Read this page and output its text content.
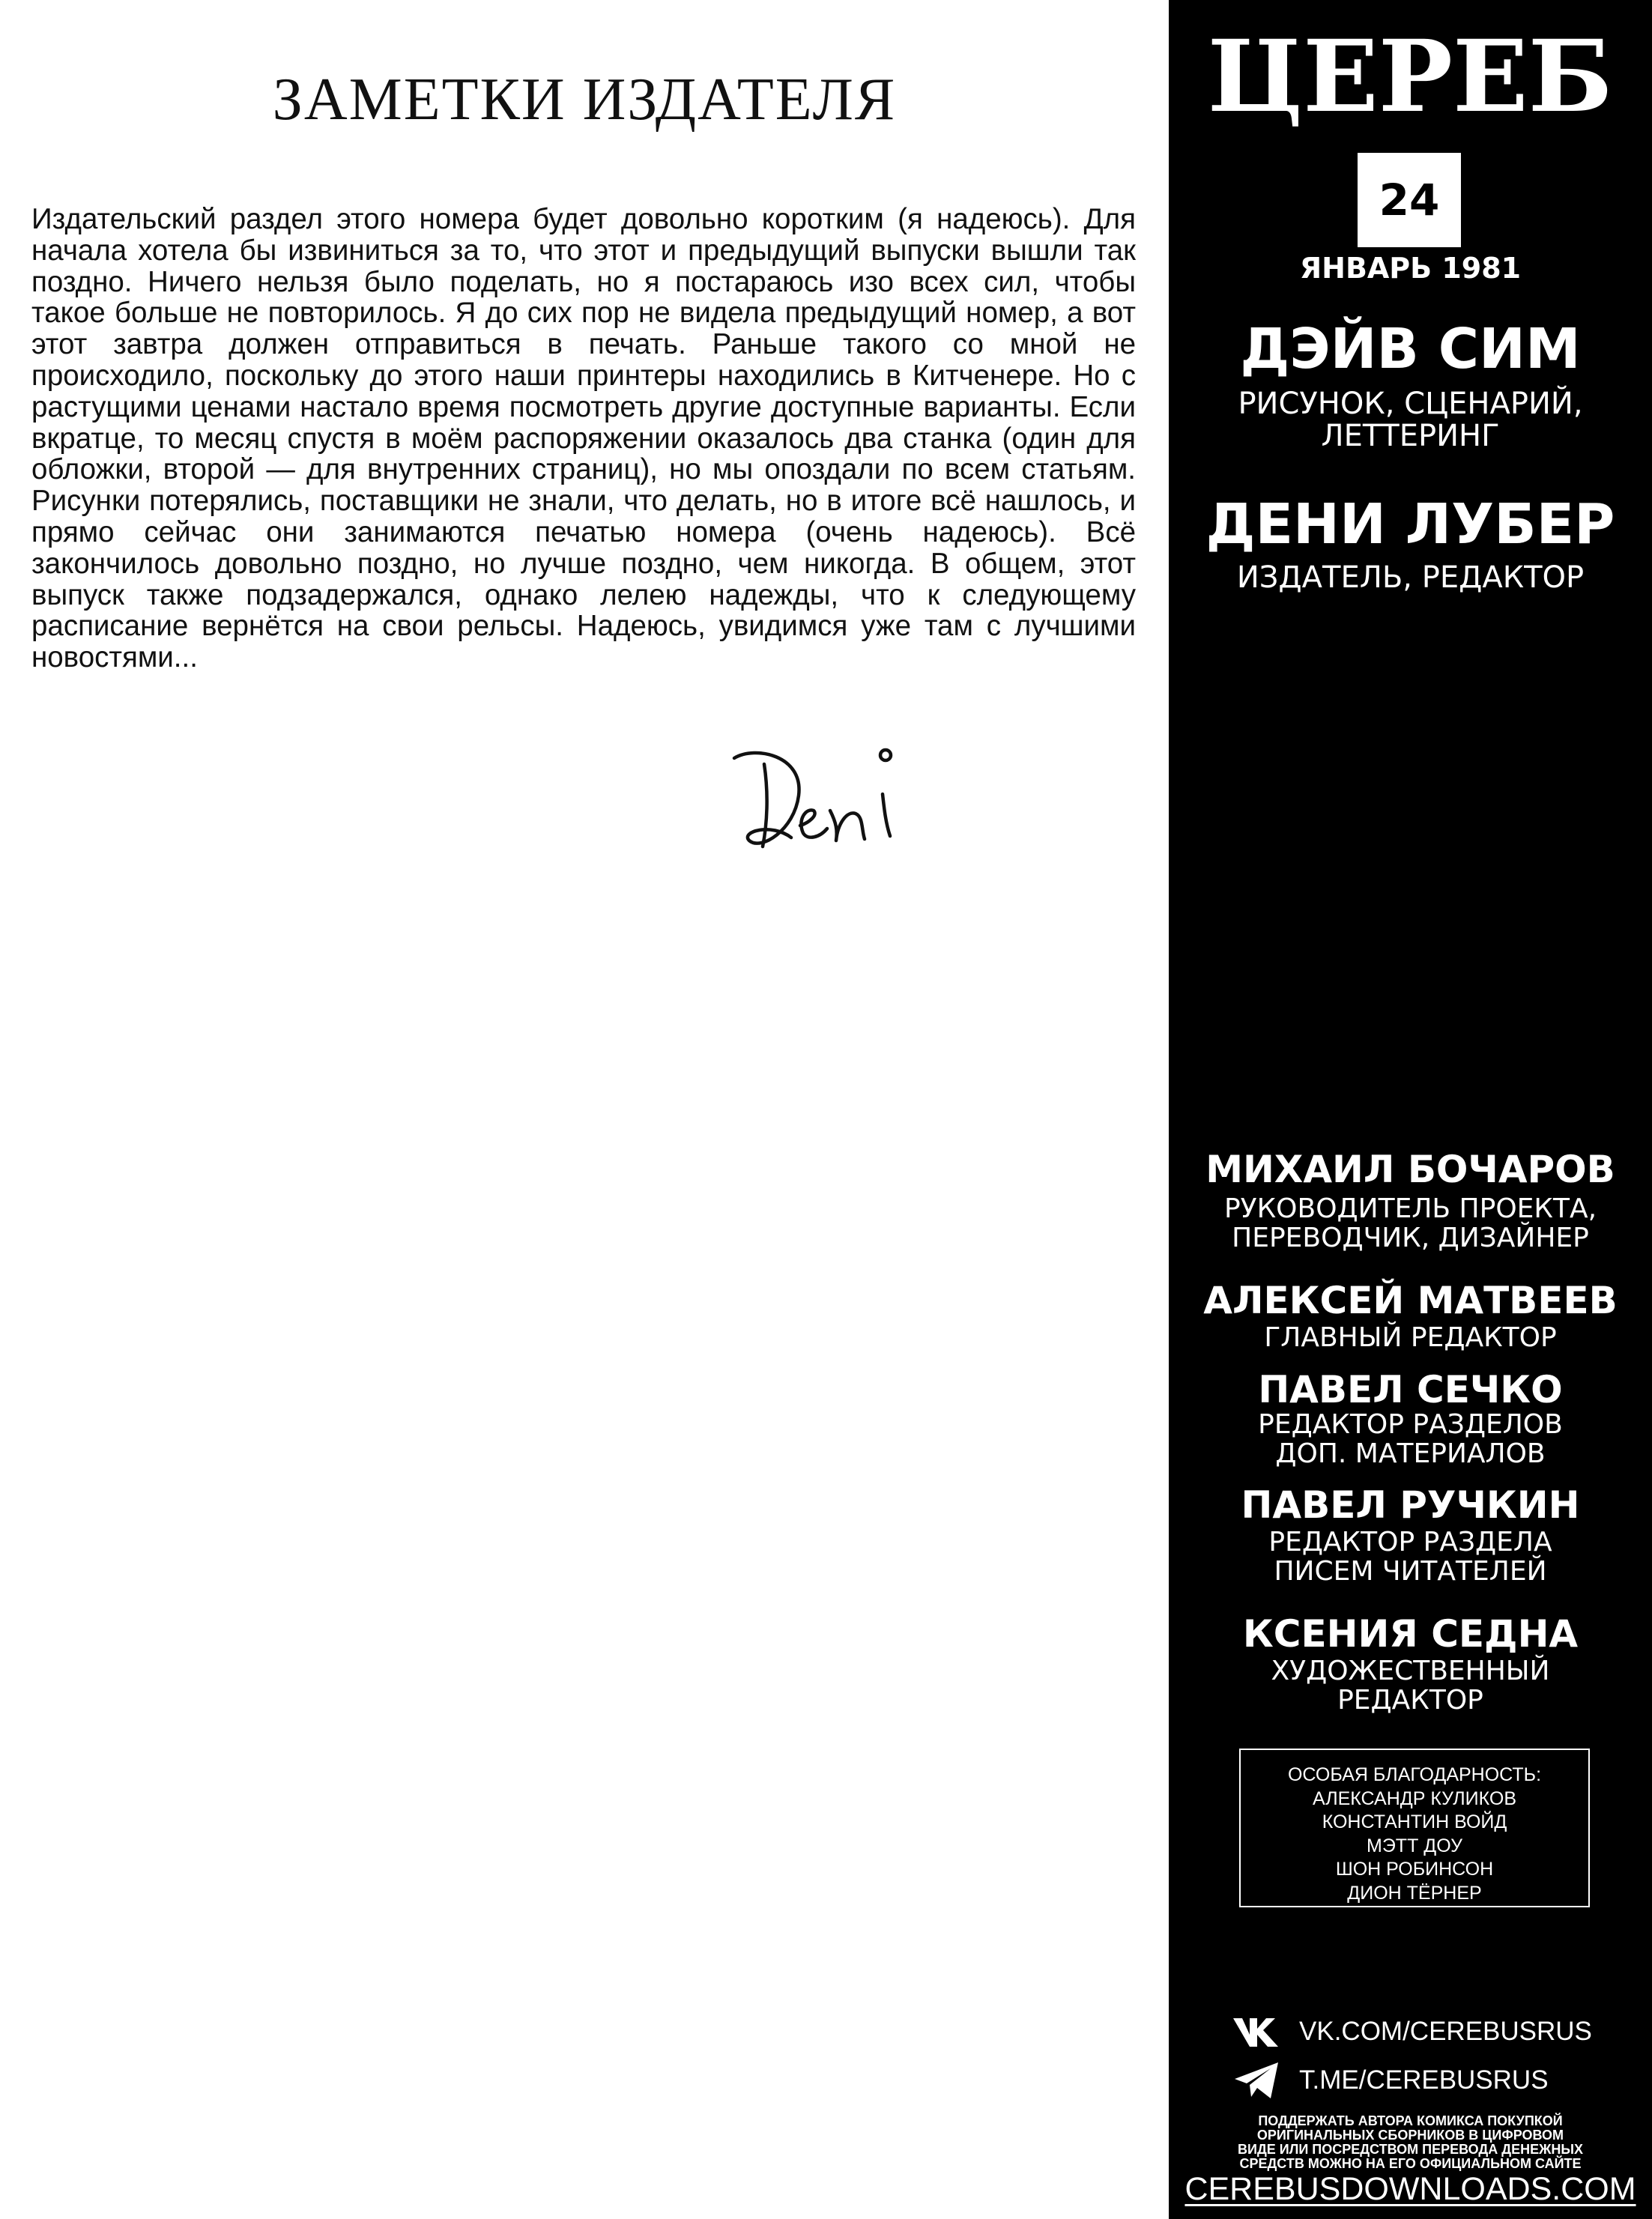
ЗАМЕТКИ ИЗДАТЕЛЯ

Издательский раздел этого номера будет довольно коротким (я надеюсь). Для начала хотела бы извиниться за то, что этот и предыдущий выпуски вышли так поздно. Ничего нельзя было поделать, но я постараюсь изо всех сил, чтобы такое больше не повторилось. Я до сих пор не видела предыдущий номер, а вот этот завтра должен отправиться в печать. Раньше такого со мной не происходило, поскольку до этого наши принтеры находились в Китченере. Но с растущими ценами настало время посмотреть другие доступные варианты. Если вкратце, то месяц спустя в моём распоряжении оказалось два станка (один для обложки, второй — для внутренних страниц), но мы опоздали по всем статьям. Рисунки потерялись, поставщики не знали, что делать, но в итоге всё нашлось, и прямо сейчас они занимаются печатью номера (очень надеюсь). Всё закончилось довольно поздно, но лучше поздно, чем никогда. В общем, этот выпуск также подзадержался, однако лелею надежды, что к следующему расписание вернётся на свои рельсы. Надеюсь, увидимся уже там с лучшими новостями...

ЦЕРЕБ
24
ЯНВАРЬ 1981
ДЭЙВ СИМ
РИСУНОК, СЦЕНАРИЙ,
ЛЕТТЕРИНГ
ДЕНИ ЛУБЕР
ИЗДАТЕЛЬ, РЕДАКТОР
МИХАИЛ БОЧАРОВ
РУКОВОДИТЕЛЬ ПРОЕКТА,
ПЕРЕВОДЧИК, ДИЗАЙНЕР
АЛЕКСЕЙ МАТВЕЕВ
ГЛАВНЫЙ РЕДАКТОР
ПАВЕЛ СЕЧКО
РЕДАКТОР РАЗДЕЛОВ
ДОП. МАТЕРИАЛОВ
ПАВЕЛ РУЧКИН
РЕДАКТОР РАЗДЕЛА
ПИСЕМ ЧИТАТЕЛЕЙ
КСЕНИЯ СЕДНА
ХУДОЖЕСТВЕННЫЙ
РЕДАКТОР
ОСОБАЯ БЛАГОДАРНОСТЬ:
АЛЕКСАНДР КУЛИКОВ
КОНСТАНТИН ВОЙД
МЭТТ ДОУ
ШОН РОБИНСОН
ДИОН ТЁРНЕР
VK.COM/CEREBUSRUS
T.ME/CEREBUSRUS
ПОДДЕРЖАТЬ АВТОРА КОМИКСА ПОКУПКОЙ
ОРИГИНАЛЬНЫХ СБОРНИКОВ В ЦИФРОВОМ
ВИДЕ ИЛИ ПОСРЕДСТВОМ ПЕРЕВОДА ДЕНЕЖНЫХ
СРЕДСТВ МОЖНО НА ЕГО ОФИЦИАЛЬНОМ САЙТЕ
CEREBUSDOWNLOADS.COM
